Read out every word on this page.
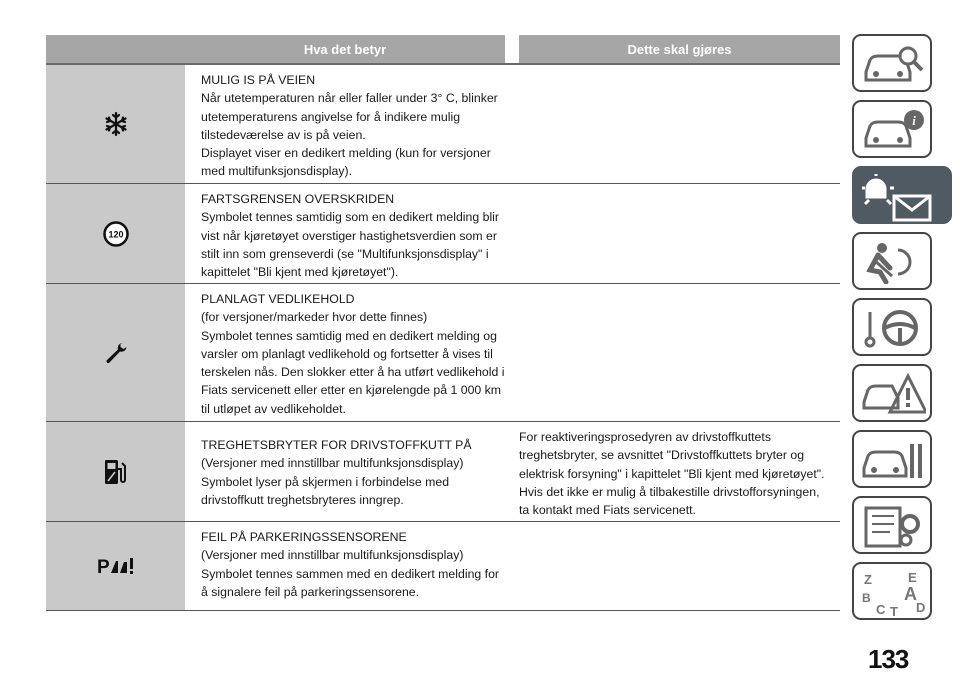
Hva det betyr	Dette skal gjøres
MULIG IS PÅ VEIEN
Når utetemperaturen når eller faller under 3° C, blinker
utetemperaturens angivelse for å indikere mulig
tilstedeværelse av is på veien.
Displayet viser en dedikert melding (kun for versjoner
med multifunksjonsdisplay).
120
FARTSGRENSEN OVERSKRIDEN
Symbolet tennes samtidig som en dedikert melding blir
vist når kjøretøyet overstiger hastighetsverdien som er
stilt inn som grenseverdi (se "Multifunksjonsdisplay" i
kapittelet "Bli kjent med kjøretøyet").
PLANLAGT VEDLIKEHOLD
(for versjoner/markeder hvor dette finnes)
Symbolet tennes samtidig med en dedikert melding og
varsler om planlagt vedlikehold og fortsetter å vises til
terskelen nås. Den slokker etter å ha utført vedlikehold i
Fiats servicenett eller etter en kjørelengde på 1 000 km
til utløpet av vedlikeholdet.
TREGHETSBRYTER FOR DRIVSTOFFKUTT PÅ
(Versjoner med innstillbar multifunksjonsdisplay)
Symbolet lyser på skjermen i forbindelse med
drivstoffkutt treghetsbryteres inngrep.
For reaktiveringsprosedyren av drivstoffkuttets
treghetsbryter, se avsnittet "Drivstoffkuttets bryter og
elektrisk forsyning" i kapittelet "Bli kjent med kjøretøyet".
Hvis det ikke er mulig å tilbakestille drivstofforsyningen,
ta kontakt med Fiats servicenett.
P
FEIL PÅ PARKERINGSSENSORENE
(Versjoner med innstillbar multifunksjonsdisplay)
Symbolet tennes sammen med en dedikert melding for
å signalere feil på parkeringssensorene.
i
Z	E
B A
C D
T
133
